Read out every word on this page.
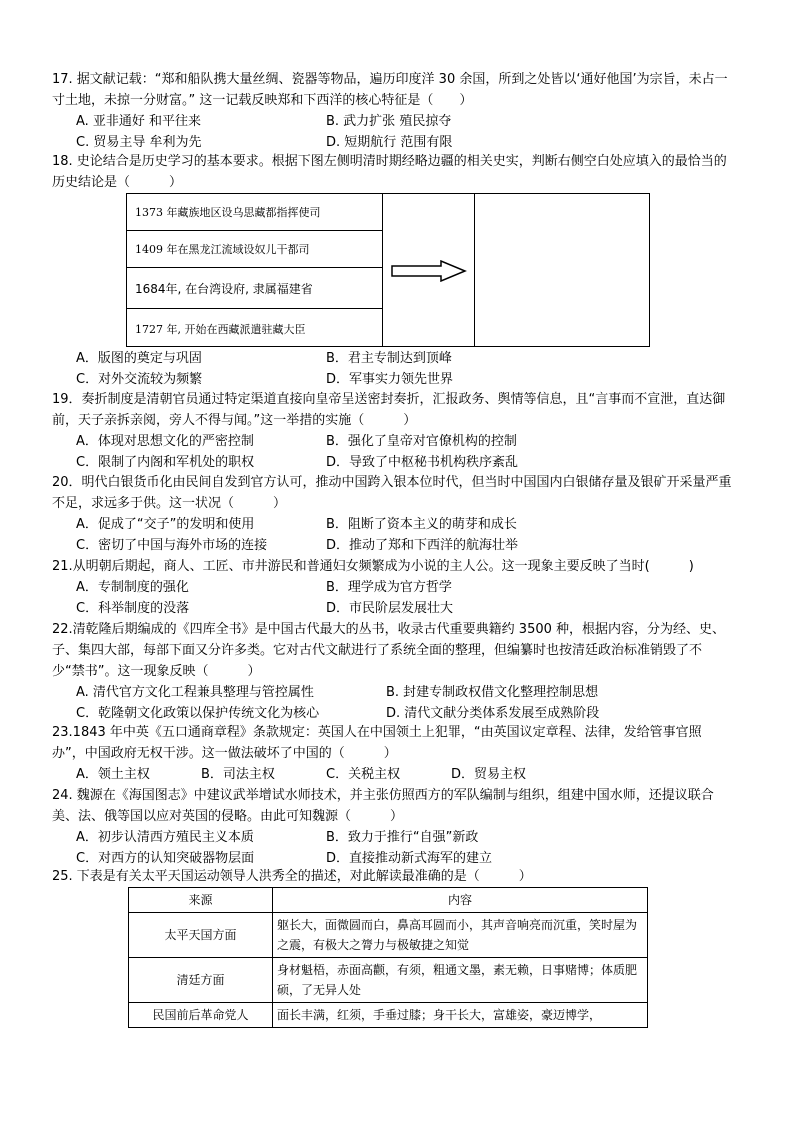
17. 据文献记载：“郑和船队携大量丝绸、瓷器等物品，遍历印度洋 30 余国，所到之处皆以‘通好他国’为宗旨，未占一寸土地，未掠一分财富。” 这一记载反映郑和下西洋的核心特征是（　　）
A. 亚非通好 和平往来	B. 武力扩张 殖民掠夺
C. 贸易主导 牟利为先	D. 短期航行 范围有限
18. 史论结合是历史学习的基本要求。根据下图左侧明清时期经略边疆的相关史实，判断右侧空白处应填入的最恰当的历史结论是（　　　）
1373 年藏族地区设乌思藏都指挥使司
1409 年在黑龙江流域设奴儿干都司
1684年, 在台湾设府, 隶属福建省
1727 年, 开始在西藏派遣驻藏大臣
A．版图的奠定与巩固	B．君主专制达到顶峰
C．对外交流较为频繁	D．军事实力领先世界
19．奏折制度是清朝官员通过特定渠道直接向皇帝呈送密封奏折，汇报政务、舆情等信息，且“言事而不宣泄，直达御前，天子亲拆亲阅，旁人不得与闻。”这一举措的实施（　　　）
A．体现对思想文化的严密控制	B．强化了皇帝对官僚机构的控制
C．限制了内阁和军机处的职权	D．导致了中枢秘书机构秩序紊乱
20．明代白银货币化由民间自发到官方认可，推动中国跨入银本位时代，但当时中国国内白银储存量及银矿开采量严重不足，求远多于供。这一状况（　　　）
A．促成了“交子”的发明和使用	B．阻断了资本主义的萌芽和成长
C．密切了中国与海外市场的连接	D．推动了郑和下西洋的航海壮举
21.从明朝后期起，商人、工匠、市井游民和普通妇女频繁成为小说的主人公。这一现象主要反映了当时(　　　)
A．专制制度的强化	B．理学成为官方哲学
C．科举制度的没落	D．市民阶层发展壮大
22.清乾隆后期编成的《四库全书》是中国古代最大的丛书，收录古代重要典籍约 3500 种，根据内容，分为经、史、子、集四大部，每部下面又分许多类。它对古代文献进行了系统全面的整理，但编纂时也按清廷政治标准销毁了不少“禁书”。这一现象反映（　　　）
A. 清代官方文化工程兼具整理与管控属性	B. 封建专制政权借文化整理控制思想
C．乾隆朝文化政策以保护传统文化为核心	D. 清代文献分类体系发展至成熟阶段
23.1843 年中英《五口通商章程》条款规定：英国人在中国领土上犯罪，“由英国议定章程、法律，发给管事官照办”，中国政府无权干涉。这一做法破坏了中国的（　　　）
A．领土主权	B．司法主权	C．关税主权	D．贸易主权
24. 魏源在《海国图志》中建议武举增试水师技术，并主张仿照西方的军队编制与组织，组建中国水师，还提议联合美、法、俄等国以应对英国的侵略。由此可知魏源（　　　）
A．初步认清西方殖民主义本质	B．致力于推行“自强”新政
C．对西方的认知突破器物层面	D．直接推动新式海军的建立
25. 下表是有关太平天国运动领导人洪秀全的描述，对此解读最准确的是（　　　）
来源	内容
太平天国方面	躯长大，面微圆而白，鼻高耳圆而小，其声音响亮而沉重，笑时屋为之震，有极大之膂力与极敏捷之知觉
清廷方面	身材魁梧，赤面高颧，有须，粗通文墨，素无赖，日事赌博；体质肥硕，了无异人处
民国前后革命党人	面长丰满，红须，手垂过膝；身干长大，富雄姿，豪迈博学，
